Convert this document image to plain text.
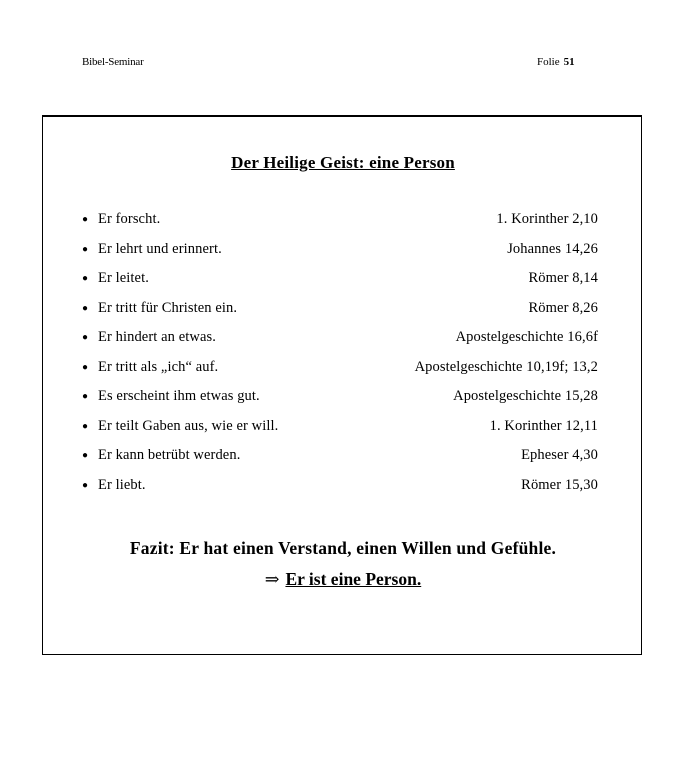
Bibel-Seminar	Folie 51
Der Heilige Geist: eine Person
● Er forscht.	1. Korinther 2,10
● Er lehrt und erinnert.	Johannes 14,26
● Er leitet.	Römer 8,14
● Er tritt für Christen ein.	Römer 8,26
● Er hindert an etwas.	Apostelgeschichte 16,6f
● Er tritt als „ich“ auf.	Apostelgeschichte 10,19f; 13,2
● Es erscheint ihm etwas gut.	Apostelgeschichte 15,28
● Er teilt Gaben aus, wie er will.	1. Korinther 12,11
● Er kann betrübt werden.	Epheser 4,30
● Er liebt.	Römer 15,30
Fazit: Er hat einen Verstand, einen Willen und Gefühle.
⇒ Er ist eine Person.
